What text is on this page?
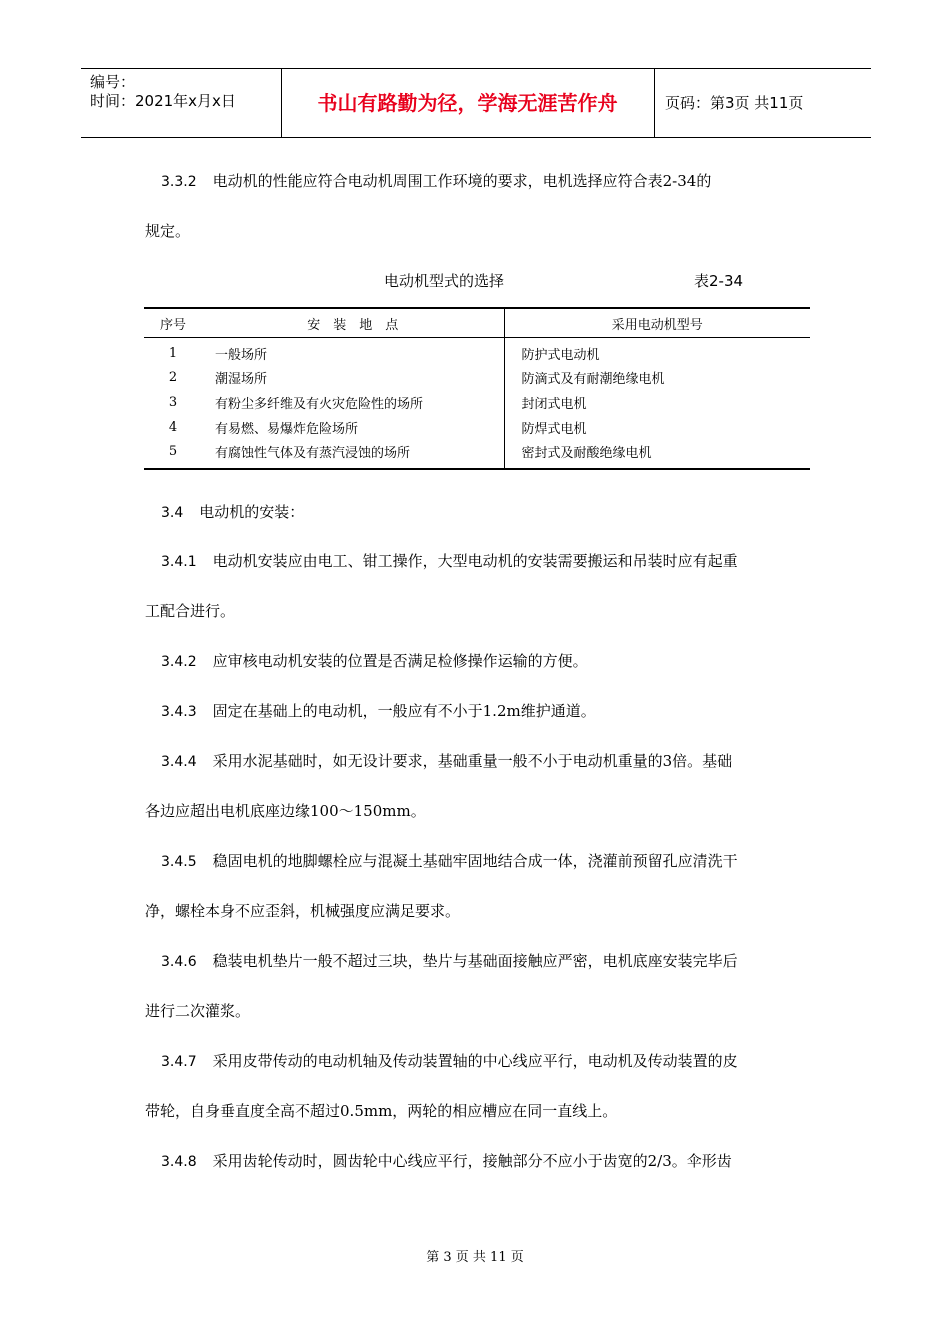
编号：
时间：2021年x月x日	书山有路勤为径，学海无涯苦作舟	页码：第3页 共11页
3.3.2 电动机的性能应符合电动机周围工作环境的要求，电机选择应符合表2-34的
规定。
电动机型式的选择	表2-34
序号	安　装　地　点	采用电动机型号
1	一般场所	防护式电动机
2	潮湿场所	防滴式及有耐潮绝缘电机
3	有粉尘多纤维及有火灾危险性的场所	封闭式电机
4	有易燃、易爆炸危险场所	防焊式电机
5	有腐蚀性气体及有蒸汽浸蚀的场所	密封式及耐酸绝缘电机
3.4 电动机的安装：
3.4.1 电动机安装应由电工、钳工操作，大型电动机的安装需要搬运和吊装时应有起重
工配合进行。
3.4.2 应审核电动机安装的位置是否满足检修操作运输的方便。
3.4.3 固定在基础上的电动机，一般应有不小于1.2m维护通道。
3.4.4 采用水泥基础时，如无设计要求，基础重量一般不小于电动机重量的3倍。基础
各边应超出电机底座边缘100～150mm。
3.4.5 稳固电机的地脚螺栓应与混凝土基础牢固地结合成一体，浇灌前预留孔应清洗干
净，螺栓本身不应歪斜，机械强度应满足要求。
3.4.6 稳装电机垫片一般不超过三块，垫片与基础面接触应严密，电机底座安装完毕后
进行二次灌浆。
3.4.7 采用皮带传动的电动机轴及传动装置轴的中心线应平行，电动机及传动装置的皮
带轮，自身垂直度全高不超过0.5mm，两轮的相应槽应在同一直线上。
3.4.8 采用齿轮传动时，圆齿轮中心线应平行，接触部分不应小于齿宽的2/3。伞形齿
第 3 页 共 11 页
